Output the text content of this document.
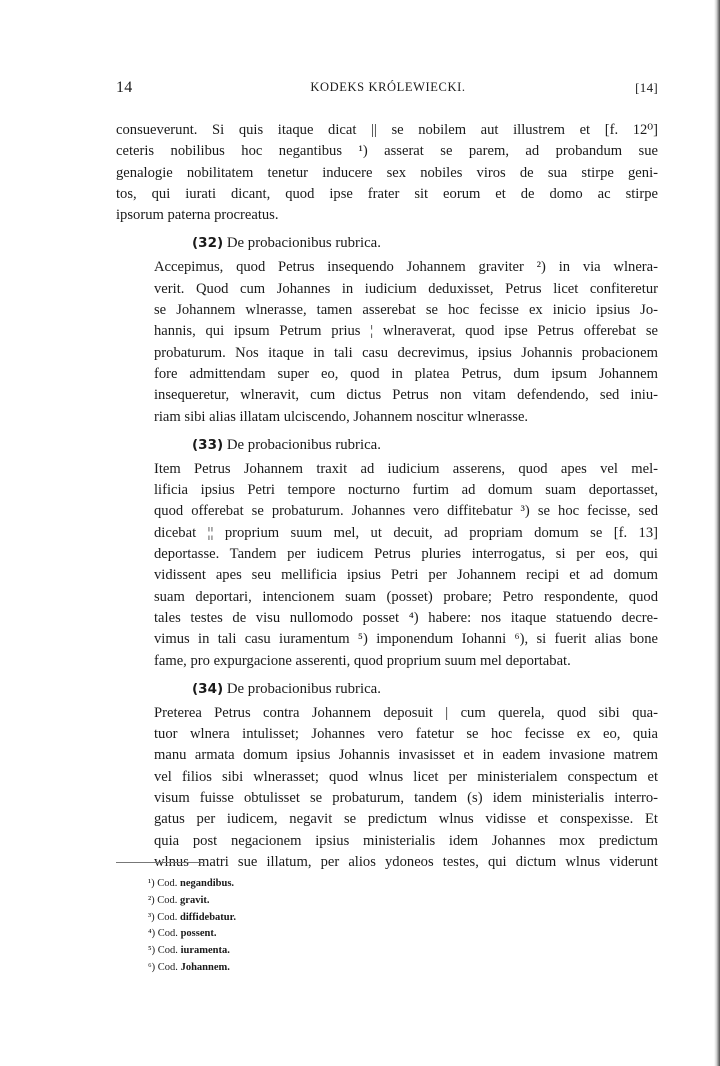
14	KODEKS KRÓLEWIECKI.	[14]

consueverunt. Si quis itaque dicat || se nobilem aut illustrem et [f. 12⁰]
ceteris nobilibus hoc negantibus ¹) asserat se parem, ad probandum sue
genalogie nobilitatem tenetur inducere sex nobiles viros de sua stirpe geni-
tos, qui iurati dicant, quod ipse frater sit eorum et de domo ac stirpe
ipsorum paterna procreatus.

(32) De probacionibus rubrica.

Accepimus, quod Petrus insequendo Johannem graviter ²) in via wlnera-
verit. Quod cum Johannes in iudicium deduxisset, Petrus licet confiteretur
se Johannem wlnerasse, tamen asserebat se hoc fecisse ex inicio ipsius Jo-
hannis, qui ipsum Petrum prius ¦ wlneraverat, quod ipse Petrus offerebat se
probaturum. Nos itaque in tali casu decrevimus, ipsius Johannis probacionem
fore admittendam super eo, quod in platea Petrus, dum ipsum Johannem
insequeretur, wlneravit, cum dictus Petrus non vitam defendendo, sed iniu-
riam sibi alias illatam ulciscendo, Johannem noscitur wlnerasse.

(33) De probacionibus rubrica.

Item Petrus Johannem traxit ad iudicium asserens, quod apes vel mel-
lificia ipsius Petri tempore nocturno furtim ad domum suam deportasset,
quod offerebat se probaturum. Johannes vero diffitebatur ³) se hoc fecisse, sed
dicebat ¦¦ proprium suum mel, ut decuit, ad propriam domum se [f. 13]
deportasse. Tandem per iudicem Petrus pluries interrogatus, si per eos, qui
vidissent apes seu mellificia ipsius Petri per Johannem recipi et ad domum
suam deportari, intencionem suam (posset) probare; Petro respondente, quod
tales testes de visu nullomodo posset ⁴) habere: nos itaque statuendo decre-
vimus in tali casu iuramentum ⁵) imponendum Iohanni ⁶), si fuerit alias bone
fame, pro expurgacione asserenti, quod proprium suum mel deportabat.

(34) De probacionibus rubrica.

Preterea Petrus contra Johannem deposuit | cum querela, quod sibi qua-
tuor wlnera intulisset; Johannes vero fatetur se hoc fecisse ex eo, quia
manu armata domum ipsius Johannis invasisset et in eadem invasione matrem
vel filios sibi wlnerasset; quod wlnus licet per ministerialem conspectum et
visum fuisse obtulisset se probaturum, tandem (s) idem ministerialis interro-
gatus per iudicem, negavit se predictum wlnus vidisse et conspexisse. Et
quia post negacionem ipsius ministerialis idem Johannes mox predictum
wlnus matri sue illatum, per alios ydoneos testes, qui dictum wlnus viderunt

¹) Cod. negandibus.
²) Cod. gravit.
³) Cod. diffidebatur.
⁴) Cod. possent.
⁵) Cod. iuramenta.
⁶) Cod. Johannem.
